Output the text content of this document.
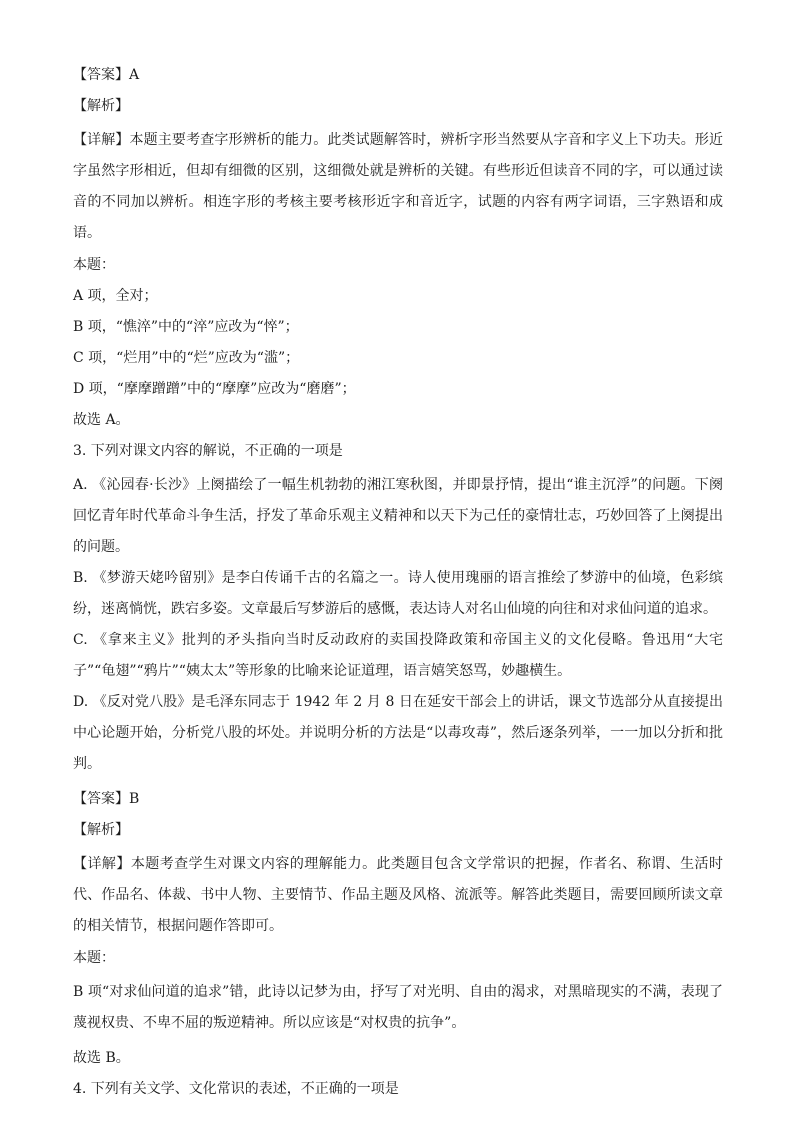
【答案】A

【解析】

【详解】本题主要考查字形辨析的能力。此类试题解答时，辨析字形当然要从字音和字义上下功夫。形近字虽然字形相近，但却有细微的区别，这细微处就是辨析的关键。有些形近但读音不同的字，可以通过读音的不同加以辨析。相连字形的考核主要考核形近字和音近字，试题的内容有两字词语，三字熟语和成语。

本题：

A 项，全对；

B 项，“憔淬”中的“淬”应改为“悴”；

C 项，“烂用”中的“烂”应改为“滥”；

D 项，“摩摩蹭蹭”中的“摩摩”应改为“磨磨”；

故选 A。

3. 下列对课文内容的解说，不正确的一项是

A. 《沁园春·长沙》上阕描绘了一幅生机勃勃的湘江寒秋图，并即景抒情，提出“谁主沉浮”的问题。下阕回忆青年时代革命斗争生活，抒发了革命乐观主义精神和以天下为己任的豪情壮志，巧妙回答了上阕提出的问题。

B. 《梦游天姥吟留别》是李白传诵千古的名篇之一。诗人使用瑰丽的语言推绘了梦游中的仙境，色彩缤纷，迷离惝恍，跌宕多姿。文章最后写梦游后的感慨，表达诗人对名山仙境的向往和对求仙问道的追求。

C. 《拿来主义》批判的矛头指向当时反动政府的卖国投降政策和帝国主义的文化侵略。鲁迅用“大宅子”“龟翅”“鸦片”“姨太太”等形象的比喻来论证道理，语言嬉笑怒骂，妙趣横生。

D. 《反对党八股》是毛泽东同志于 1942 年 2 月 8 日在延安干部会上的讲话，课文节选部分从直接提出中心论题开始，分析党八股的坏处。并说明分析的方法是“以毒攻毒”，然后逐条列举，一一加以分折和批判。

【答案】B

【解析】

【详解】本题考查学生对课文内容的理解能力。此类题目包含文学常识的把握，作者名、称谓、生活时代、作品名、体裁、书中人物、主要情节、作品主题及风格、流派等。解答此类题目，需要回顾所读文章的相关情节，根据问题作答即可。

本题：

B 项“对求仙问道的追求”错，此诗以记梦为由，抒写了对光明、自由的渴求，对黑暗现实的不满，表现了蔑视权贵、不卑不屈的叛逆精神。所以应该是“对权贵的抗争”。

故选 B。

4. 下列有关文学、文化常识的表述，不正确的一项是
